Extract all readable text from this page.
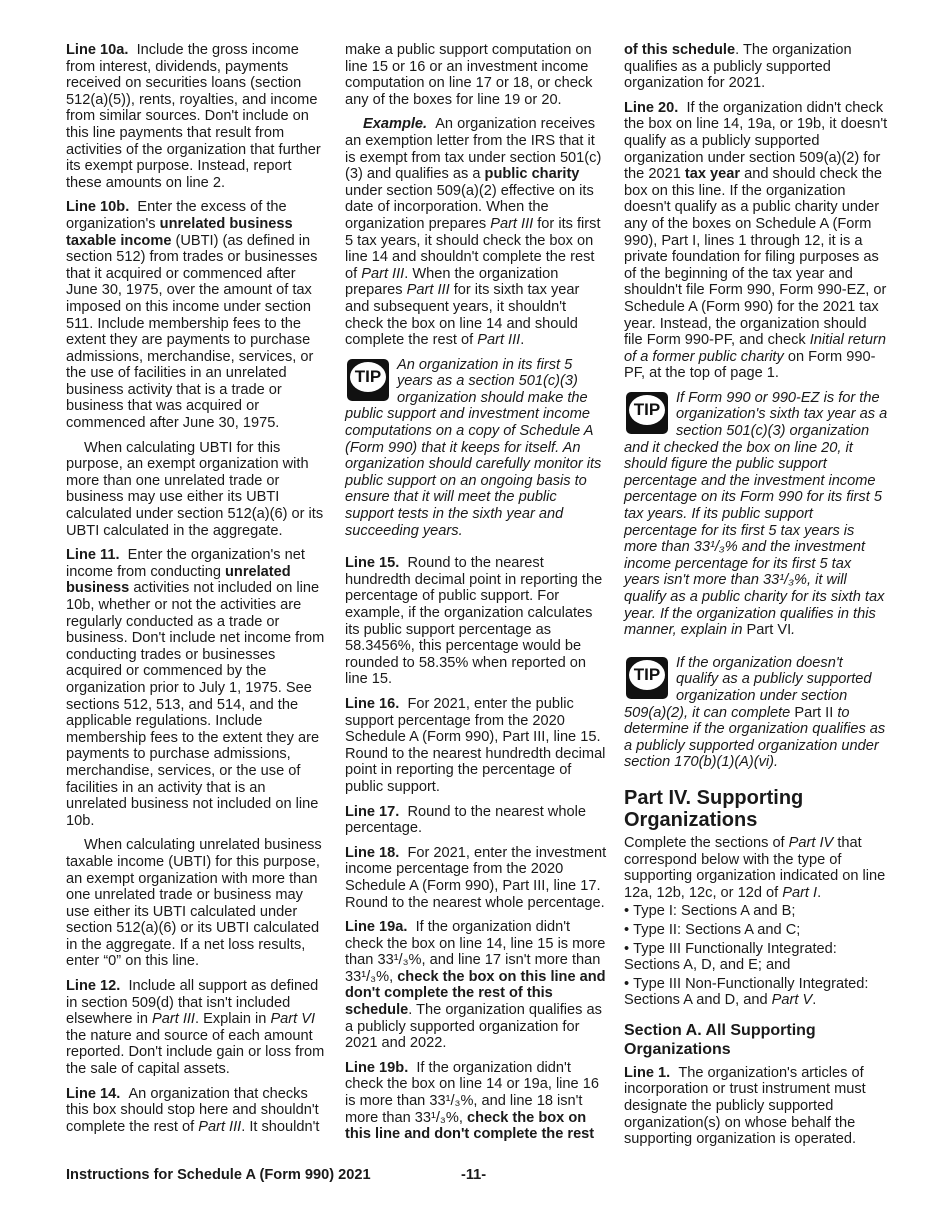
Line 10a. Include the gross income from interest, dividends, payments received on securities loans (section 512(a)(5)), rents, royalties, and income from similar sources. Don't include on this line payments that result from activities of the organization that further its exempt purpose. Instead, report these amounts on line 2.

Line 10b. Enter the excess of the organization's unrelated business taxable income (UBTI) (as defined in section 512) from trades or businesses that it acquired or commenced after June 30, 1975, over the amount of tax imposed on this income under section 511. Include membership fees to the extent they are payments to purchase admissions, merchandise, services, or the use of facilities in an unrelated business activity that is a trade or business that was acquired or commenced after June 30, 1975.

When calculating UBTI for this purpose, an exempt organization with more than one unrelated trade or business may use either its UBTI calculated under section 512(a)(6) or its UBTI calculated in the aggregate.

Line 11. Enter the organization's net income from conducting unrelated business activities not included on line 10b, whether or not the activities are regularly conducted as a trade or business. Don't include net income from conducting trades or businesses acquired or commenced by the organization prior to July 1, 1975. See sections 512, 513, and 514, and the applicable regulations. Include membership fees to the extent they are payments to purchase admissions, merchandise, services, or the use of facilities in an activity that is an unrelated business not included on line 10b.

When calculating unrelated business taxable income (UBTI) for this purpose, an exempt organization with more than one unrelated trade or business may use either its UBTI calculated under section 512(a)(6) or its UBTI calculated in the aggregate. If a net loss results, enter “0” on this line.

Line 12. Include all support as defined in section 509(d) that isn't included elsewhere in Part III. Explain in Part VI the nature and source of each amount reported. Don't include gain or loss from the sale of capital assets.

Line 14. An organization that checks this box should stop here and shouldn't complete the rest of Part III. It shouldn't

make a public support computation on line 15 or 16 or an investment income computation on line 17 or 18, or check any of the boxes for line 19 or 20.

Example. An organization receives an exemption letter from the IRS that it is exempt from tax under section 501(c)(3) and qualifies as a public charity under section 509(a)(2) effective on its date of incorporation. When the organization prepares Part III for its first 5 tax years, it should check the box on line 14 and shouldn't complete the rest of Part III. When the organization prepares Part III for its sixth tax year and subsequent years, it shouldn't check the box on line 14 and should complete the rest of Part III.

TIP
An organization in its first 5 years as a section 501(c)(3) organization should make the public support and investment income computations on a copy of Schedule A (Form 990) that it keeps for itself. An organization should carefully monitor its public support on an ongoing basis to ensure that it will meet the public support tests in the sixth year and succeeding years.

Line 15. Round to the nearest hundredth decimal point in reporting the percentage of public support. For example, if the organization calculates its public support percentage as 58.3456%, this percentage would be rounded to 58.35% when reported on line 15.

Line 16. For 2021, enter the public support percentage from the 2020 Schedule A (Form 990), Part III, line 15. Round to the nearest hundredth decimal point in reporting the percentage of public support.

Line 17. Round to the nearest whole percentage.

Line 18. For 2021, enter the investment income percentage from the 2020 Schedule A (Form 990), Part III, line 17. Round to the nearest whole percentage.

Line 19a. If the organization didn't check the box on line 14, line 15 is more than 33¹/₃%, and line 17 isn't more than 33¹/₃%, check the box on this line and don't complete the rest of this schedule. The organization qualifies as a publicly supported organization for 2021 and 2022.

Line 19b. If the organization didn't check the box on line 14 or 19a, line 16 is more than 33¹/₃%, and line 18 isn't more than 33¹/₃%, check the box on this line and don't complete the rest

of this schedule. The organization qualifies as a publicly supported organization for 2021.

Line 20. If the organization didn't check the box on line 14, 19a, or 19b, it doesn't qualify as a publicly supported organization under section 509(a)(2) for the 2021 tax year and should check the box on this line. If the organization doesn't qualify as a public charity under any of the boxes on Schedule A (Form 990), Part I, lines 1 through 12, it is a private foundation for filing purposes as of the beginning of the tax year and shouldn't file Form 990, Form 990-EZ, or Schedule A (Form 990) for the 2021 tax year. Instead, the organization should file Form 990-PF, and check Initial return of a former public charity on Form 990-PF, at the top of page 1.

TIP
If Form 990 or 990-EZ is for the organization's sixth tax year as a section 501(c)(3) organization and it checked the box on line 20, it should figure the public support percentage and the investment income percentage on its Form 990 for its first 5 tax years. If its public support percentage for its first 5 tax years is more than 33¹/₃% and the investment income percentage for its first 5 tax years isn't more than 33¹/₃%, it will qualify as a public charity for its sixth tax year. If the organization qualifies in this manner, explain in Part VI.
TIP
If the organization doesn't qualify as a publicly supported organization under section 509(a)(2), it can complete Part II to determine if the organization qualifies as a publicly supported organization under section 170(b)(1)(A)(vi).
Part IV. Supporting Organizations

Complete the sections of Part IV that correspond below with the type of supporting organization indicated on line 12a, 12b, 12c, or 12d of Part I.

• Type I: Sections A and B;
• Type II: Sections A and C;
• Type III Functionally Integrated: Sections A, D, and E; and
• Type III Non-Functionally Integrated: Sections A and D, and Part V.
Section A. All Supporting Organizations

Line 1. The organization's articles of incorporation or trust instrument must designate the publicly supported organization(s) on whose behalf the supporting organization is operated.

Instructions for Schedule A (Form 990) 2021	-11-
